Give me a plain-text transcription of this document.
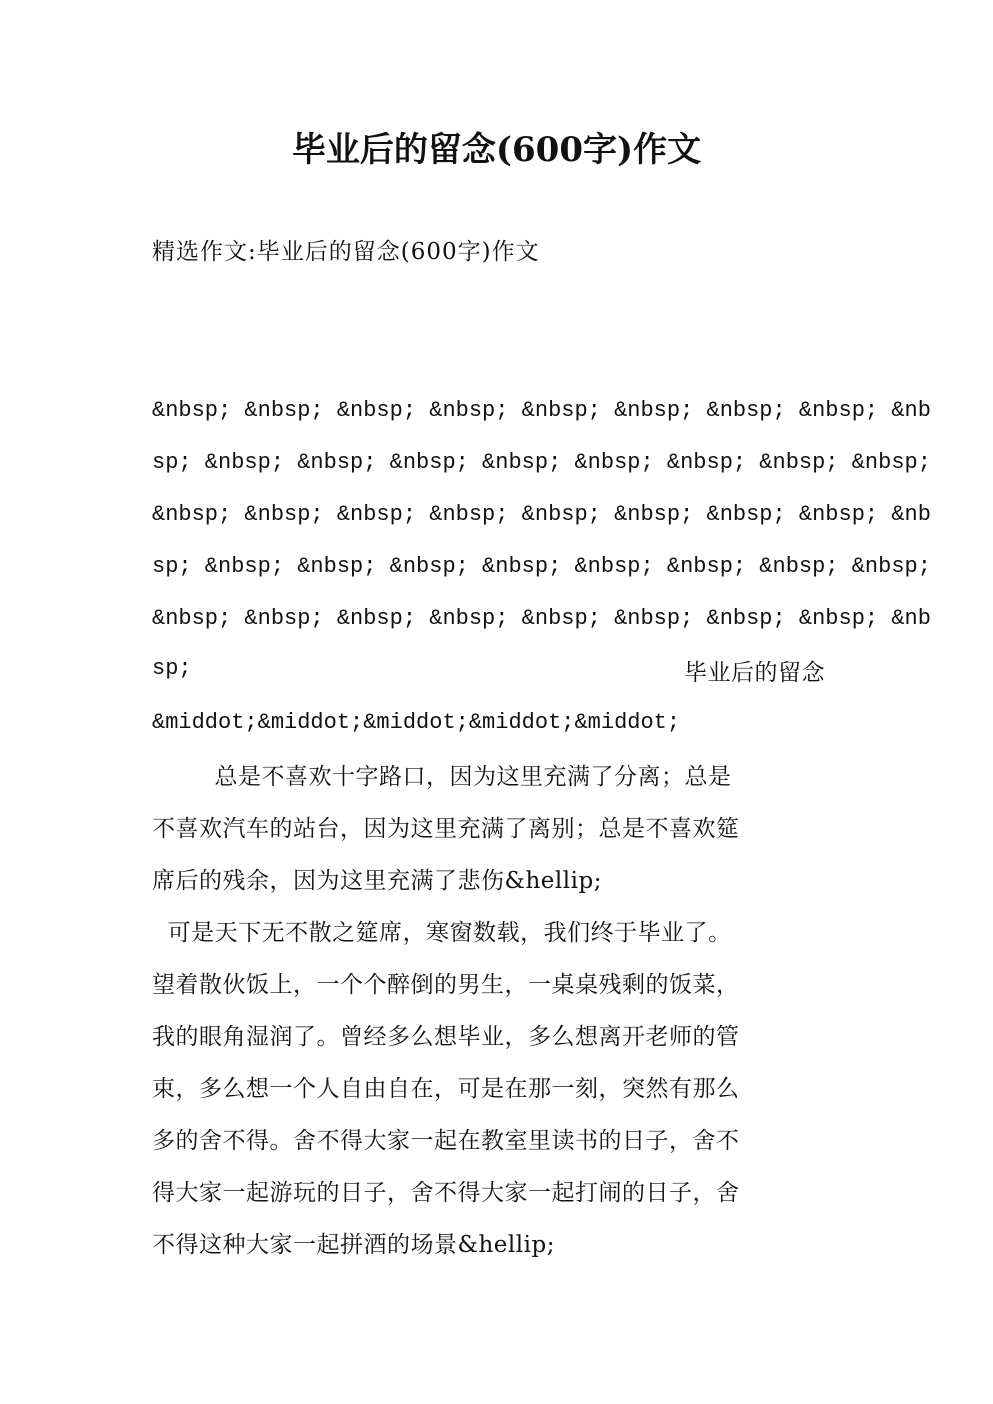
毕业后的留念(600字)作文
精选作文:毕业后的留念(600字)作文
&nbsp; &nbsp; &nbsp; &nbsp; &nbsp; &nbsp; &nbsp; &nbsp; &nb
sp; &nbsp; &nbsp; &nbsp; &nbsp; &nbsp; &nbsp; &nbsp; &nbsp;
&nbsp; &nbsp; &nbsp; &nbsp; &nbsp; &nbsp; &nbsp; &nbsp; &nb
sp; &nbsp; &nbsp; &nbsp; &nbsp; &nbsp; &nbsp; &nbsp; &nbsp;
&nbsp; &nbsp; &nbsp; &nbsp; &nbsp; &nbsp; &nbsp; &nbsp; &nb
sp;	毕业后的留念
&middot;&middot;&middot;&middot;&middot;
总是不喜欢十字路口，因为这里充满了分离；总是
不喜欢汽车的站台，因为这里充满了离别；总是不喜欢筵
席后的残余，因为这里充满了悲伤&hellip;
可是天下无不散之筵席，寒窗数载，我们终于毕业了。
望着散伙饭上，一个个醉倒的男生，一桌桌残剩的饭菜，
我的眼角湿润了。曾经多么想毕业，多么想离开老师的管
束，多么想一个人自由自在，可是在那一刻，突然有那么
多的舍不得。舍不得大家一起在教室里读书的日子，舍不
得大家一起游玩的日子，舍不得大家一起打闹的日子，舍
不得这种大家一起拼酒的场景&hellip;
